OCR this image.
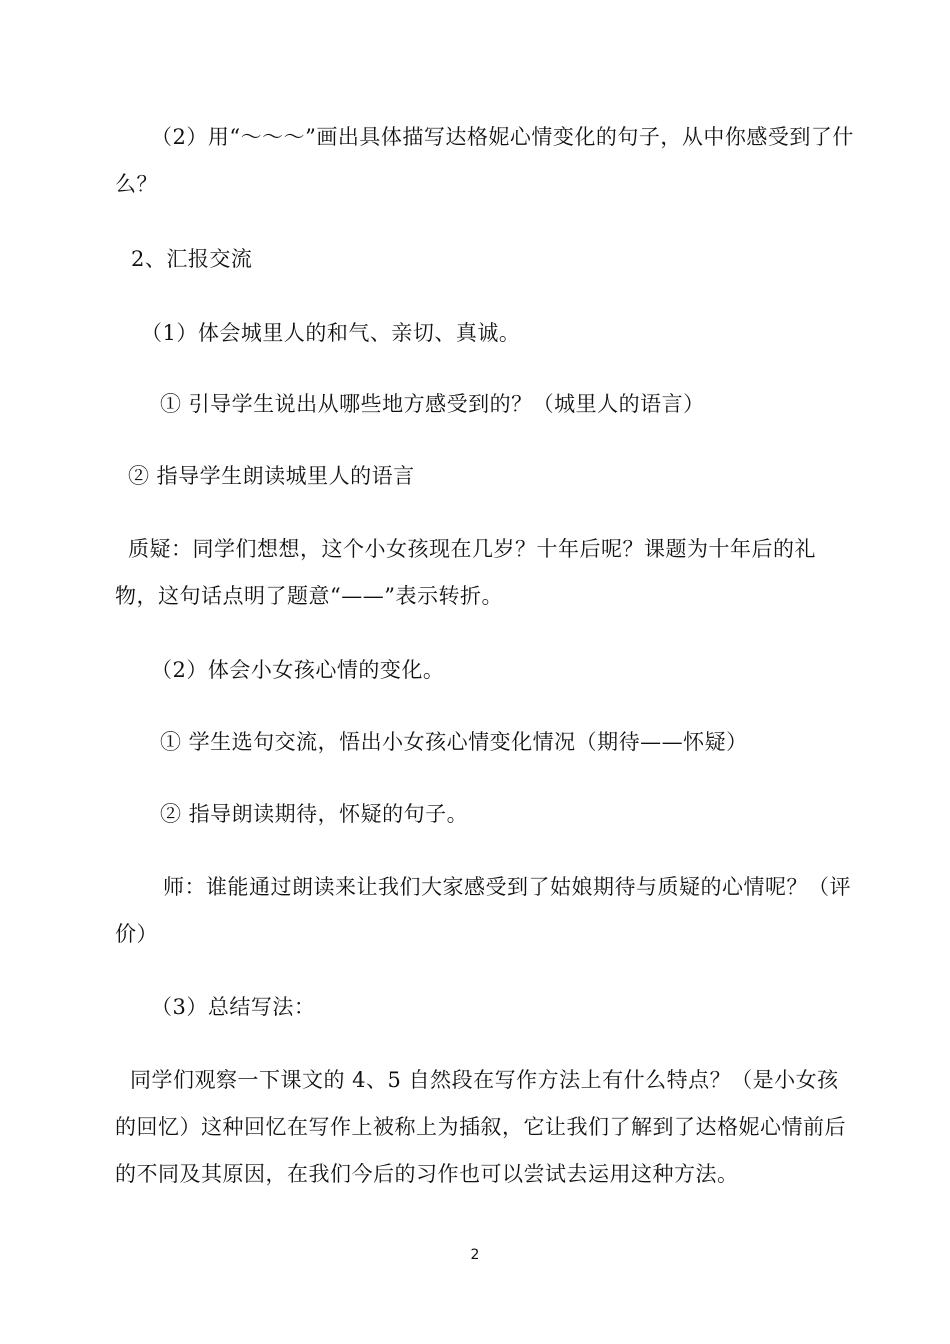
（2）用“～～～”画出具体描写达格妮心情变化的句子，从中你感受到了什么？

2、汇报交流

（1）体会城里人的和气、亲切、真诚。

① 引导学生说出从哪些地方感受到的？（城里人的语言）

② 指导学生朗读城里人的语言

质疑：同学们想想，这个小女孩现在几岁？十年后呢？课题为十年后的礼物，这句话点明了题意“——”表示转折。

（2）体会小女孩心情的变化。

① 学生选句交流，悟出小女孩心情变化情况（期待——怀疑）

② 指导朗读期待，怀疑的句子。

师：谁能通过朗读来让我们大家感受到了姑娘期待与质疑的心情呢？（评价）

（3）总结写法：

同学们观察一下课文的 4、5 自然段在写作方法上有什么特点？（是小女孩的回忆）这种回忆在写作上被称上为插叙，它让我们了解到了达格妮心情前后的不同及其原因，在我们今后的习作也可以尝试去运用这种方法。

2
